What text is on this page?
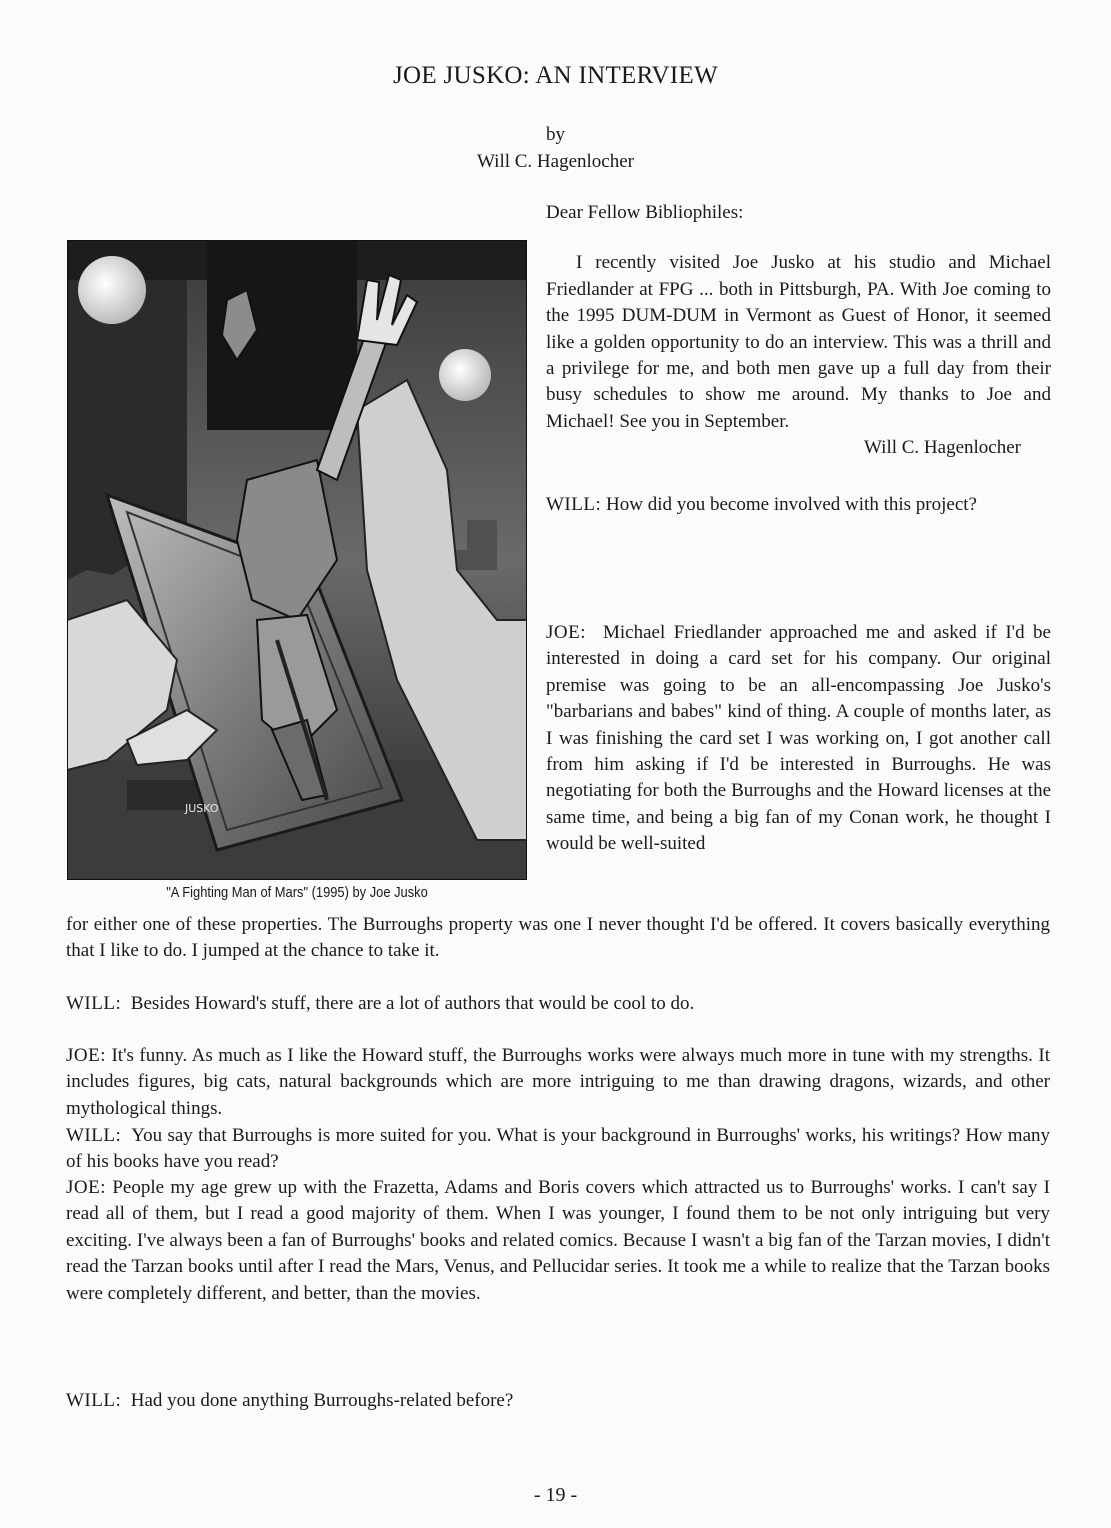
JOE JUSKO: AN INTERVIEW
by
Will C. Hagenlocher
JUSKO
"A Fighting Man of Mars" (1995) by Joe Jusko

Dear Fellow Bibliophiles:

I recently visited Joe Jusko at his studio and Michael Friedlander at FPG ... both in Pittsburgh, PA. With Joe coming to the 1995 DUM-DUM in Vermont as Guest of Honor, it seemed like a golden opportunity to do an interview. This was a thrill and a privilege for me, and both men gave up a full day from their busy schedules to show me around. My thanks to Joe and Michael! See you in September.

Will C. Hagenlocher

WILL: How did you become involved with this project?

JOE: Michael Friedlander approached me and asked if I'd be interested in doing a card set for his company. Our original premise was going to be an all-encompassing Joe Jusko's "barbarians and babes" kind of thing. A couple of months later, as I was finishing the card set I was working on, I got another call from him asking if I'd be interested in Burroughs. He was negotiating for both the Burroughs and the Howard licenses at the same time, and being a big fan of my Conan work, he thought I would be well-suited

for either one of these properties. The Burroughs property was one I never thought I'd be offered. It covers basically everything that I like to do. I jumped at the chance to take it.

WILL: Besides Howard's stuff, there are a lot of authors that would be cool to do.

JOE: It's funny. As much as I like the Howard stuff, the Burroughs works were always much more in tune with my strengths. It includes figures, big cats, natural backgrounds which are more intriguing to me than drawing dragons, wizards, and other mythological things.

WILL: You say that Burroughs is more suited for you. What is your background in Burroughs' works, his writings? How many of his books have you read?

JOE: People my age grew up with the Frazetta, Adams and Boris covers which attracted us to Burroughs' works. I can't say I read all of them, but I read a good majority of them. When I was younger, I found them to be not only intriguing but very exciting. I've always been a fan of Burroughs' books and related comics. Because I wasn't a big fan of the Tarzan movies, I didn't read the Tarzan books until after I read the Mars, Venus, and Pellucidar series. It took me a while to realize that the Tarzan books were completely different, and better, than the movies.

WILL: Had you done anything Burroughs-related before?

- 19 -
